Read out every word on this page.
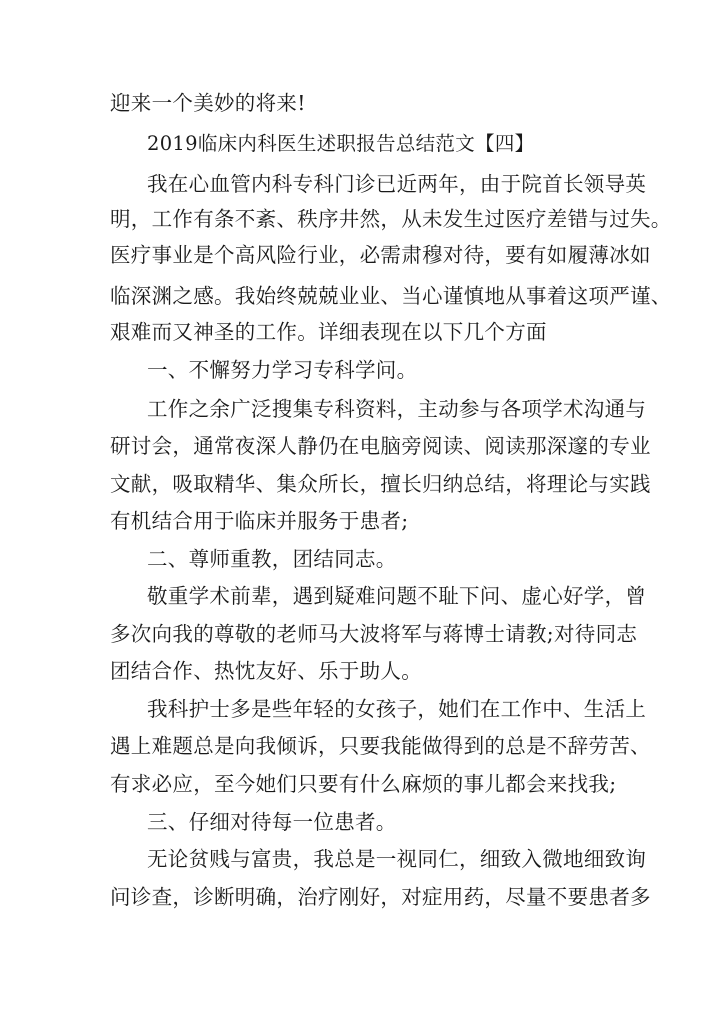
迎来一个美妙的将来!
2019临床内科医生述职报告总结范文【四】
我在心血管内科专科门诊已近两年，由于院首长领导英
明，工作有条不紊、秩序井然，从未发生过医疗差错与过失。
医疗事业是个高风险行业，必需肃穆对待，要有如履薄冰如
临深渊之感。我始终兢兢业业、当心谨慎地从事着这项严谨、
艰难而又神圣的工作。详细表现在以下几个方面
一、不懈努力学习专科学问。
工作之余广泛搜集专科资料，主动参与各项学术沟通与
研讨会，通常夜深人静仍在电脑旁阅读、阅读那深邃的专业
文献，吸取精华、集众所长，擅长归纳总结，将理论与实践
有机结合用于临床并服务于患者;
二、尊师重教，团结同志。
敬重学术前辈，遇到疑难问题不耻下问、虚心好学，曾
多次向我的尊敬的老师马大波将军与蒋博士请教;对待同志
团结合作、热忱友好、乐于助人。
我科护士多是些年轻的女孩子，她们在工作中、生活上
遇上难题总是向我倾诉，只要我能做得到的总是不辞劳苦、
有求必应，至今她们只要有什么麻烦的事儿都会来找我;
三、仔细对待每一位患者。
无论贫贱与富贵，我总是一视同仁，细致入微地细致询
问诊查，诊断明确，治疗刚好，对症用药，尽量不要患者多
